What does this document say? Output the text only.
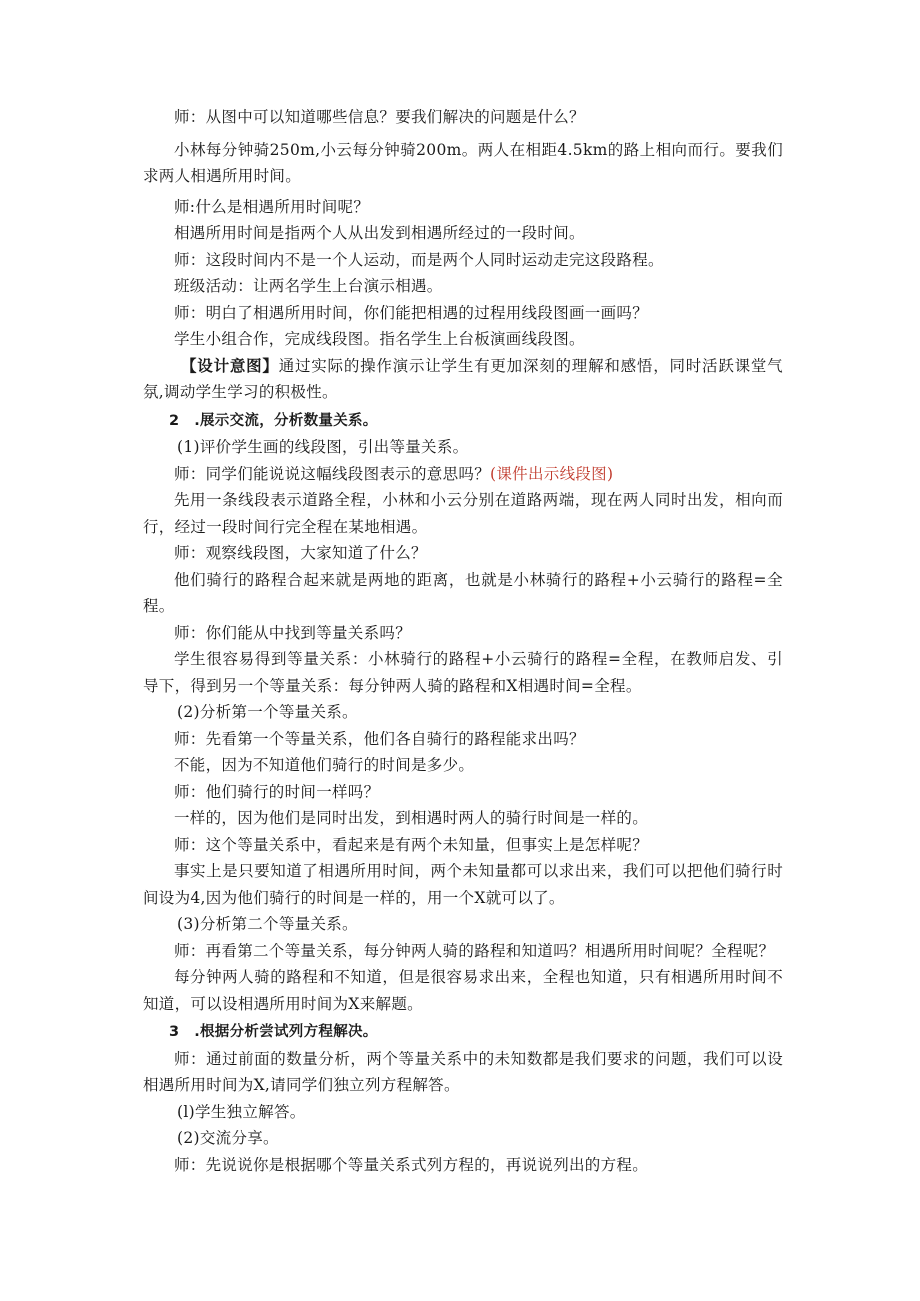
师：从图中可以知道哪些信息？要我们解决的问题是什么？

小林每分钟骑250m,小云每分钟骑200m。两人在相距4.5km的路上相向而行。要我们求两人相遇所用时间。

师:什么是相遇所用时间呢？

相遇所用时间是指两个人从出发到相遇所经过的一段时间。

师：这段时间内不是一个人运动，而是两个人同时运动走完这段路程。

班级活动：让两名学生上台演示相遇。

师：明白了相遇所用时间，你们能把相遇的过程用线段图画一画吗？

学生小组合作，完成线段图。指名学生上台板演画线段图。

【设计意图】通过实际的操作演示让学生有更加深刻的理解和感悟，同时活跃课堂气氛,调动学生学习的积极性。

2　.展示交流，分析数量关系。

(1)评价学生画的线段图，引出等量关系。

师：同学们能说说这幅线段图表示的意思吗？(课件出示线段图)

先用一条线段表示道路全程，小林和小云分别在道路两端，现在两人同时出发，相向而行，经过一段时间行完全程在某地相遇。

师：观察线段图，大家知道了什么？

他们骑行的路程合起来就是两地的距离，也就是小林骑行的路程+小云骑行的路程=全程。

师：你们能从中找到等量关系吗？

学生很容易得到等量关系：小林骑行的路程+小云骑行的路程=全程，在教师启发、引导下，得到另一个等量关系：每分钟两人骑的路程和X相遇时间=全程。

(2)分析第一个等量关系。

师：先看第一个等量关系，他们各自骑行的路程能求出吗？

不能，因为不知道他们骑行的时间是多少。

师：他们骑行的时间一样吗？

一样的，因为他们是同时出发，到相遇时两人的骑行时间是一样的。

师：这个等量关系中，看起来是有两个未知量，但事实上是怎样呢？

事实上是只要知道了相遇所用时间，两个未知量都可以求出来，我们可以把他们骑行时间设为4,因为他们骑行的时间是一样的，用一个X就可以了。

(3)分析第二个等量关系。

师：再看第二个等量关系，每分钟两人骑的路程和知道吗？相遇所用时间呢？全程呢？

每分钟两人骑的路程和不知道，但是很容易求出来，全程也知道，只有相遇所用时间不知道，可以设相遇所用时间为X来解题。

3　.根据分析尝试列方程解决。

师：通过前面的数量分析，两个等量关系中的未知数都是我们要求的问题，我们可以设相遇所用时间为X,请同学们独立列方程解答。

(l)学生独立解答。

(2)交流分享。

师：先说说你是根据哪个等量关系式列方程的，再说说列出的方程。
